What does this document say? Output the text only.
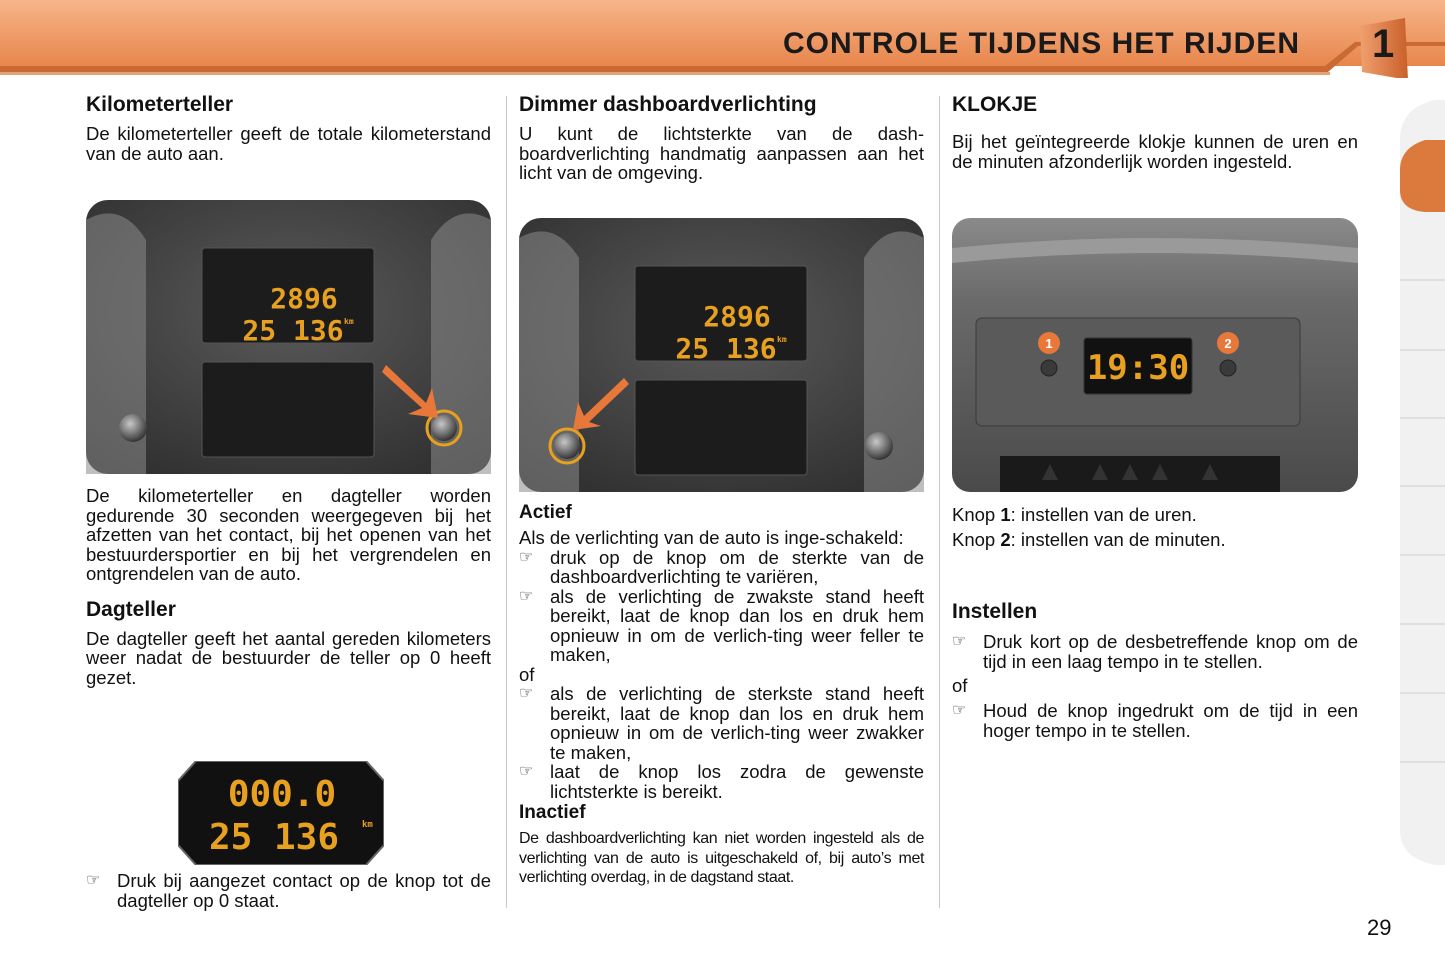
CONTROLE TIJDENS HET RIJDEN 1
Kilometerteller
De kilometerteller geeft de totale kilometerstand van de auto aan.
2896
25 136 km
De kilometerteller en dagteller worden gedurende 30 seconden weergegeven bij het afzetten van het contact, bij het openen van het bestuurdersportier en bij het vergrendelen en ontgrendelen van de auto.
Dagteller
De dagteller geeft het aantal gereden kilometers weer nadat de bestuurder de teller op 0 heeft gezet.
000.0
25 136	km
☞ Druk bij aangezet contact op de knop tot de dagteller op 0 staat.
Dimmer dashboardverlichting
U kunt de lichtsterkte van de dash-boardverlichting handmatig aanpassen aan het licht van de omgeving.
2896
25 136 km
Actief
Als de verlichting van de auto is inge-schakeld:
☞ druk op de knop om de sterkte van de dashboardverlichting te variëren,
☞ als de verlichting de zwakste stand heeft bereikt, laat de knop dan los en druk hem opnieuw in om de verlich-ting weer feller te maken,
of
☞ als de verlichting de sterkste stand heeft bereikt, laat de knop dan los en druk hem opnieuw in om de verlich-ting weer zwakker te maken,
☞ laat de knop los zodra de gewenste lichtsterkte is bereikt.
Inactief
De dashboardverlichting kan niet worden ingesteld als de verlichting van de auto is uitgeschakeld of, bij auto’s met verlichting overdag, in de dagstand staat.
KLOKJE
Bij het geïntegreerde klokje kunnen de uren en de minuten afzonderlijk worden ingesteld.
19:30
1	2
Knop 1: instellen van de uren.
Knop 2: instellen van de minuten.
Instellen
☞ Druk kort op de desbetreffende knop om de tijd in een laag tempo in te stellen.
of
☞ Houd de knop ingedrukt om de tijd in een hoger tempo in te stellen.
29
